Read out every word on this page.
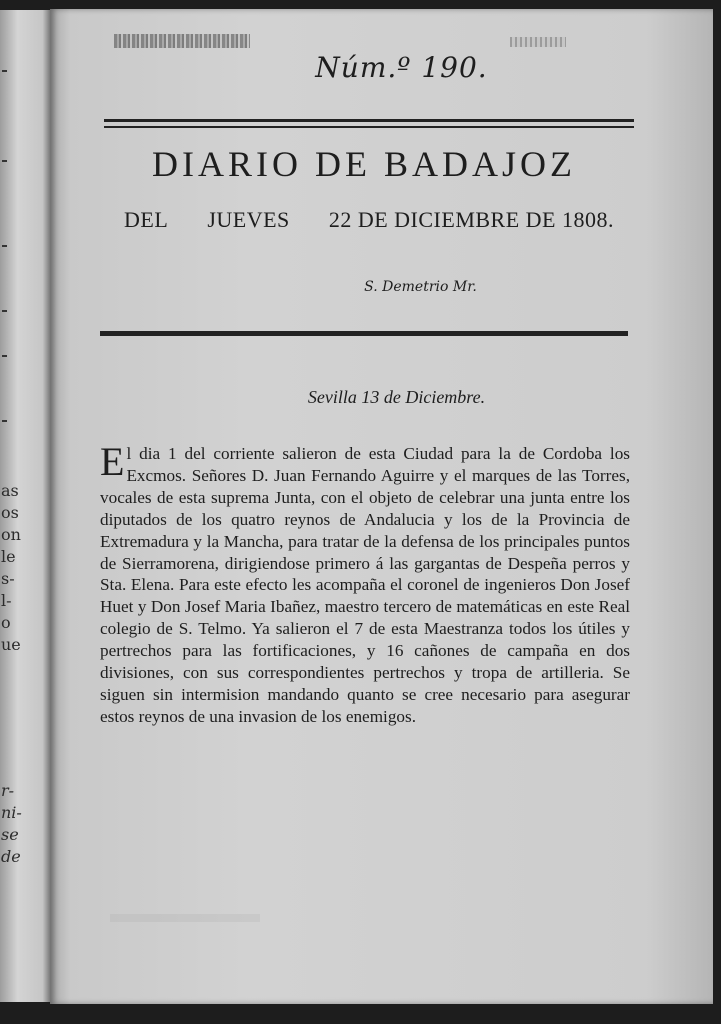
as
os
on
le
s-
l-
o
ue
r-
ni-
se
de
Núm.º 190.
DIARIO DE BADAJOZ
DEL JUEVES 22 DE DICIEMBRE DE 1808.
S. Demetrio Mr.
Sevilla 13 de Diciembre.
El dia 1 del corriente salieron de esta Ciudad para la de Cordoba los Excmos. Señores D. Juan Fernando Aguirre y el marques de las Torres, vocales de esta suprema Junta, con el objeto de celebrar una junta entre los diputados de los quatro reynos de Andalucia y los de la Provincia de Extremadura y la Mancha, para tratar de la defensa de los principales puntos de Sierramorena, dirigiendose primero á las gargantas de Despeña perros y Sta. Elena. Para este efecto les acompaña el coronel de ingenieros Don Josef Huet y Don Josef Maria Ibañez, maestro tercero de matemáticas en este Real colegio de S. Telmo. Ya salieron el 7 de esta Maestranza todos los útiles y pertrechos para las fortificaciones, y 16 cañones de campaña en dos divisiones, con sus correspondientes pertrechos y tropa de artilleria. Se siguen sin intermision mandando quanto se cree necesario para asegurar estos reynos de una invasion de los enemigos.
